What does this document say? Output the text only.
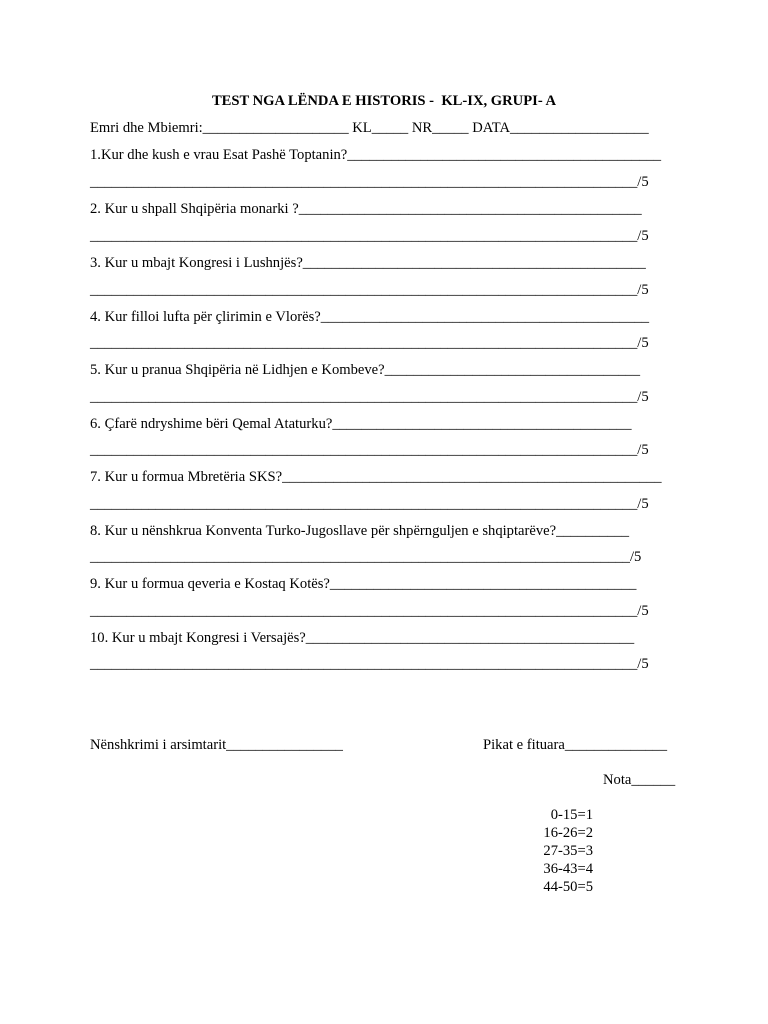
TEST NGA LËNDA E HISTORIS -  KL-IX, GRUPI- A
Emri dhe Mbiemri:____________________ KL_____ NR_____ DATA___________________
1.Kur dhe kush e vrau Esat Pashë Toptanin?___________________________________________
___________________________________________________________________________/5
2. Kur u shpall Shqipëria monarki ?_______________________________________________
___________________________________________________________________________/5
3. Kur u mbajt Kongresi i Lushnjës?_______________________________________________
___________________________________________________________________________/5
4. Kur filloi lufta për çlirimin e Vlorës?_____________________________________________
___________________________________________________________________________/5
5. Kur u pranua Shqipëria në Lidhjen e Kombeve?___________________________________
___________________________________________________________________________/5
6. Çfarë ndryshime bëri Qemal Ataturku?_________________________________________
___________________________________________________________________________/5
7. Kur u formua Mbretëria SKS?____________________________________________________
___________________________________________________________________________/5
8. Kur u nënshkrua Konventa Turko-Jugosllave për shpërnguljen e shqiptarëve?__________
__________________________________________________________________________/5
9. Kur u formua qeveria e Kostaq Kotës?__________________________________________
___________________________________________________________________________/5
10. Kur u mbajt Kongresi i Versajës?_____________________________________________
___________________________________________________________________________/5
Nënshkrimi i arsimtarit________________	Pikat e fituara______________
Nota______
0-15=1
16-26=2
27-35=3
36-43=4
44-50=5
